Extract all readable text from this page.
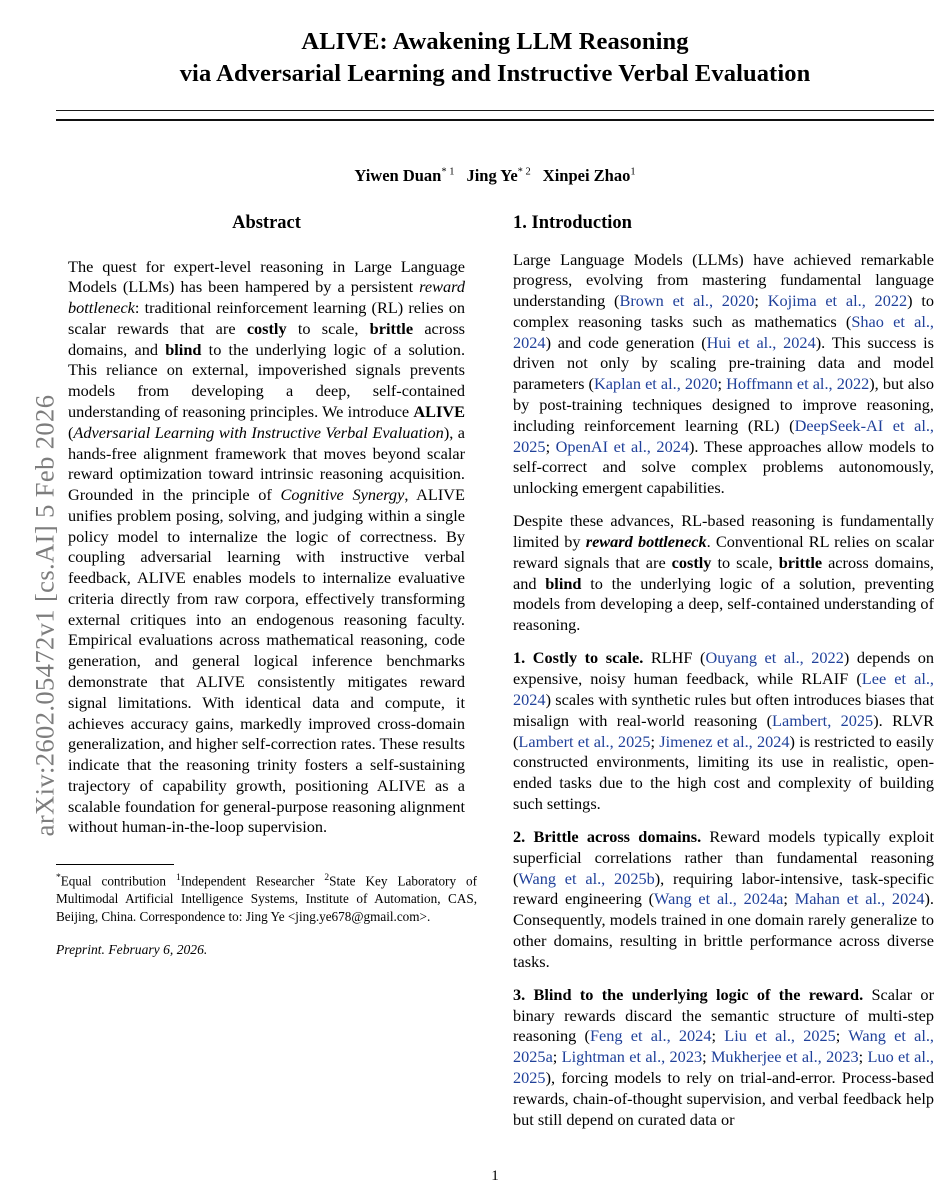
arXiv:2602.05472v1 [cs.AI] 5 Feb 2026
ALIVE: Awakening LLM Reasoning
via Adversarial Learning and Instructive Verbal Evaluation
Yiwen Duan$^{* 1}$ Jing Ye$^{* 2}$ Xinpei Zhao$^1$
Abstract

The quest for expert-level reasoning in Large Language Models (LLMs) has been hampered by a persistent reward bottleneck: traditional reinforcement learning (RL) relies on scalar rewards that are costly to scale, brittle across domains, and blind to the underlying logic of a solution. This reliance on external, impoverished signals prevents models from developing a deep, self-contained understanding of reasoning principles. We introduce ALIVE (Adversarial Learning with Instructive Verbal Evaluation), a hands-free alignment framework that moves beyond scalar reward optimization toward intrinsic reasoning acquisition. Grounded in the principle of Cognitive Synergy, ALIVE unifies problem posing, solving, and judging within a single policy model to internalize the logic of correctness. By coupling adversarial learning with instructive verbal feedback, ALIVE enables models to internalize evaluative criteria directly from raw corpora, effectively transforming external critiques into an endogenous reasoning faculty. Empirical evaluations across mathematical reasoning, code generation, and general logical inference benchmarks demonstrate that ALIVE consistently mitigates reward signal limitations. With identical data and compute, it achieves accuracy gains, markedly improved cross-domain generalization, and higher self-correction rates. These results indicate that the reasoning trinity fosters a self-sustaining trajectory of capability growth, positioning ALIVE as a scalable foundation for general-purpose reasoning alignment without human-in-the-loop supervision.

*Equal contribution $^1$Independent Researcher $^2$State Key Laboratory of Multimodal Artificial Intelligence Systems, Institute of Automation, CAS, Beijing, China. Correspondence to: Jing Ye <jing.ye678@gmail.com>.

Preprint. February 6, 2026.

1. Introduction

Large Language Models (LLMs) have achieved remarkable progress, evolving from mastering fundamental language understanding (Brown et al., 2020; Kojima et al., 2022) to complex reasoning tasks such as mathematics (Shao et al., 2024) and code generation (Hui et al., 2024). This success is driven not only by scaling pre-training data and model parameters (Kaplan et al., 2020; Hoffmann et al., 2022), but also by post-training techniques designed to improve reasoning, including reinforcement learning (RL) (DeepSeek-AI et al., 2025; OpenAI et al., 2024). These approaches allow models to self-correct and solve complex problems autonomously, unlocking emergent capabilities.

Despite these advances, RL-based reasoning is fundamentally limited by reward bottleneck. Conventional RL relies on scalar reward signals that are costly to scale, brittle across domains, and blind to the underlying logic of a solution, preventing models from developing a deep, self-contained understanding of reasoning.

1. Costly to scale. RLHF (Ouyang et al., 2022) depends on expensive, noisy human feedback, while RLAIF (Lee et al., 2024) scales with synthetic rules but often introduces biases that misalign with real-world reasoning (Lambert, 2025). RLVR (Lambert et al., 2025; Jimenez et al., 2024) is restricted to easily constructed environments, limiting its use in realistic, open-ended tasks due to the high cost and complexity of building such settings.

2. Brittle across domains. Reward models typically exploit superficial correlations rather than fundamental reasoning (Wang et al., 2025b), requiring labor-intensive, task-specific reward engineering (Wang et al., 2024a; Mahan et al., 2024). Consequently, models trained in one domain rarely generalize to other domains, resulting in brittle performance across diverse tasks.

3. Blind to the underlying logic of the reward. Scalar or binary rewards discard the semantic structure of multi-step reasoning (Feng et al., 2024; Liu et al., 2025; Wang et al., 2025a; Lightman et al., 2023; Mukherjee et al., 2023; Luo et al., 2025), forcing models to rely on trial-and-error. Process-based rewards, chain-of-thought supervision, and verbal feedback help but still depend on curated data or

1
